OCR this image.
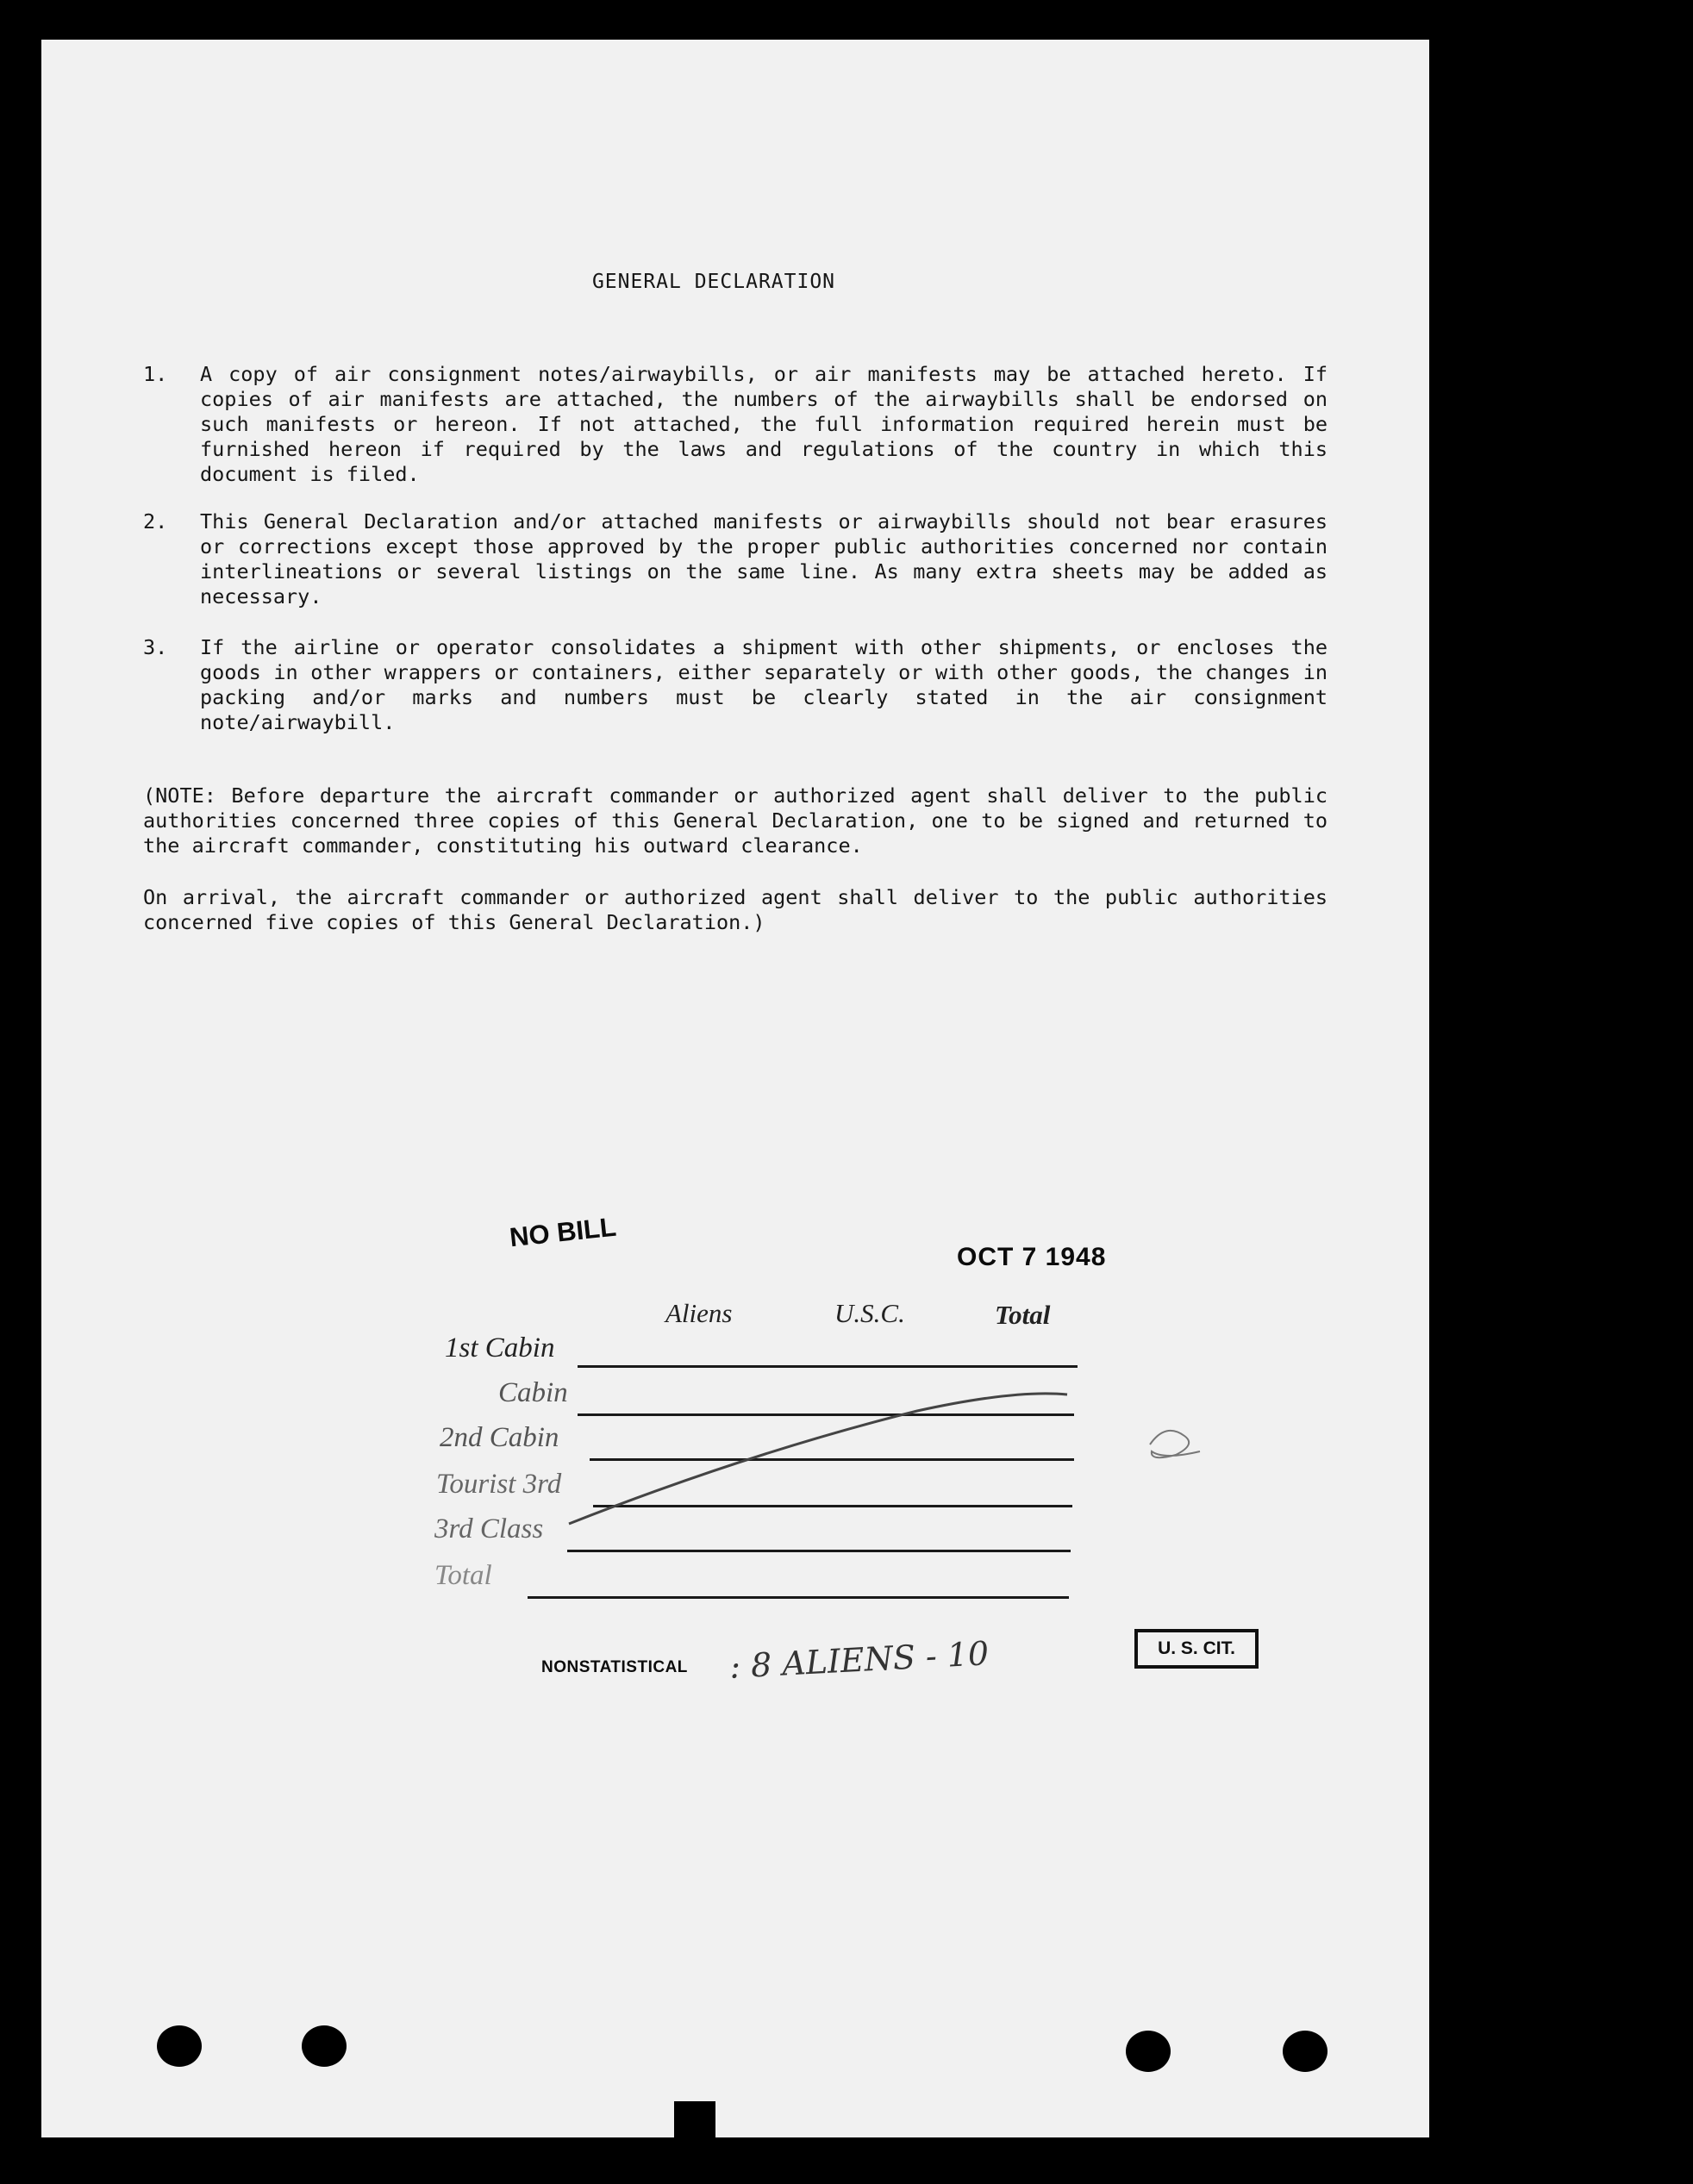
GENERAL DECLARATION
1. A copy of air consignment notes/airwaybills, or air manifests may be attached hereto. If copies of air manifests are attached, the numbers of the airwaybills shall be endorsed on such manifests or hereon. If not attached, the full information required herein must be furnished hereon if required by the laws and regulations of the country in which this document is filed.
2. This General Declaration and/or attached manifests or airwaybills should not bear erasures or corrections except those approved by the proper public authorities concerned nor contain interlineations or several listings on the same line. As many extra sheets may be added as necessary.
3. If the airline or operator consolidates a shipment with other shipments, or encloses the goods in other wrappers or containers, either separately or with other goods, the changes in packing and/or marks and numbers must be clearly stated in the air consignment note/airwaybill.
(NOTE: Before departure the aircraft commander or authorized agent shall deliver to the public authorities concerned three copies of this General Declaration, one to be signed and returned to the aircraft commander, constituting his outward clearance.
On arrival, the aircraft commander or authorized agent shall deliver to the public authorities concerned five copies of this General Declaration.)
NO BILL
OCT 7 1948
Aliens	U.S.C.	Total
1st Cabin
Cabin
2nd Cabin
Tourist 3rd
3rd Class
Total
NONSTATISTICAL : 8 ALIENS - 10	U. S. CIT.
